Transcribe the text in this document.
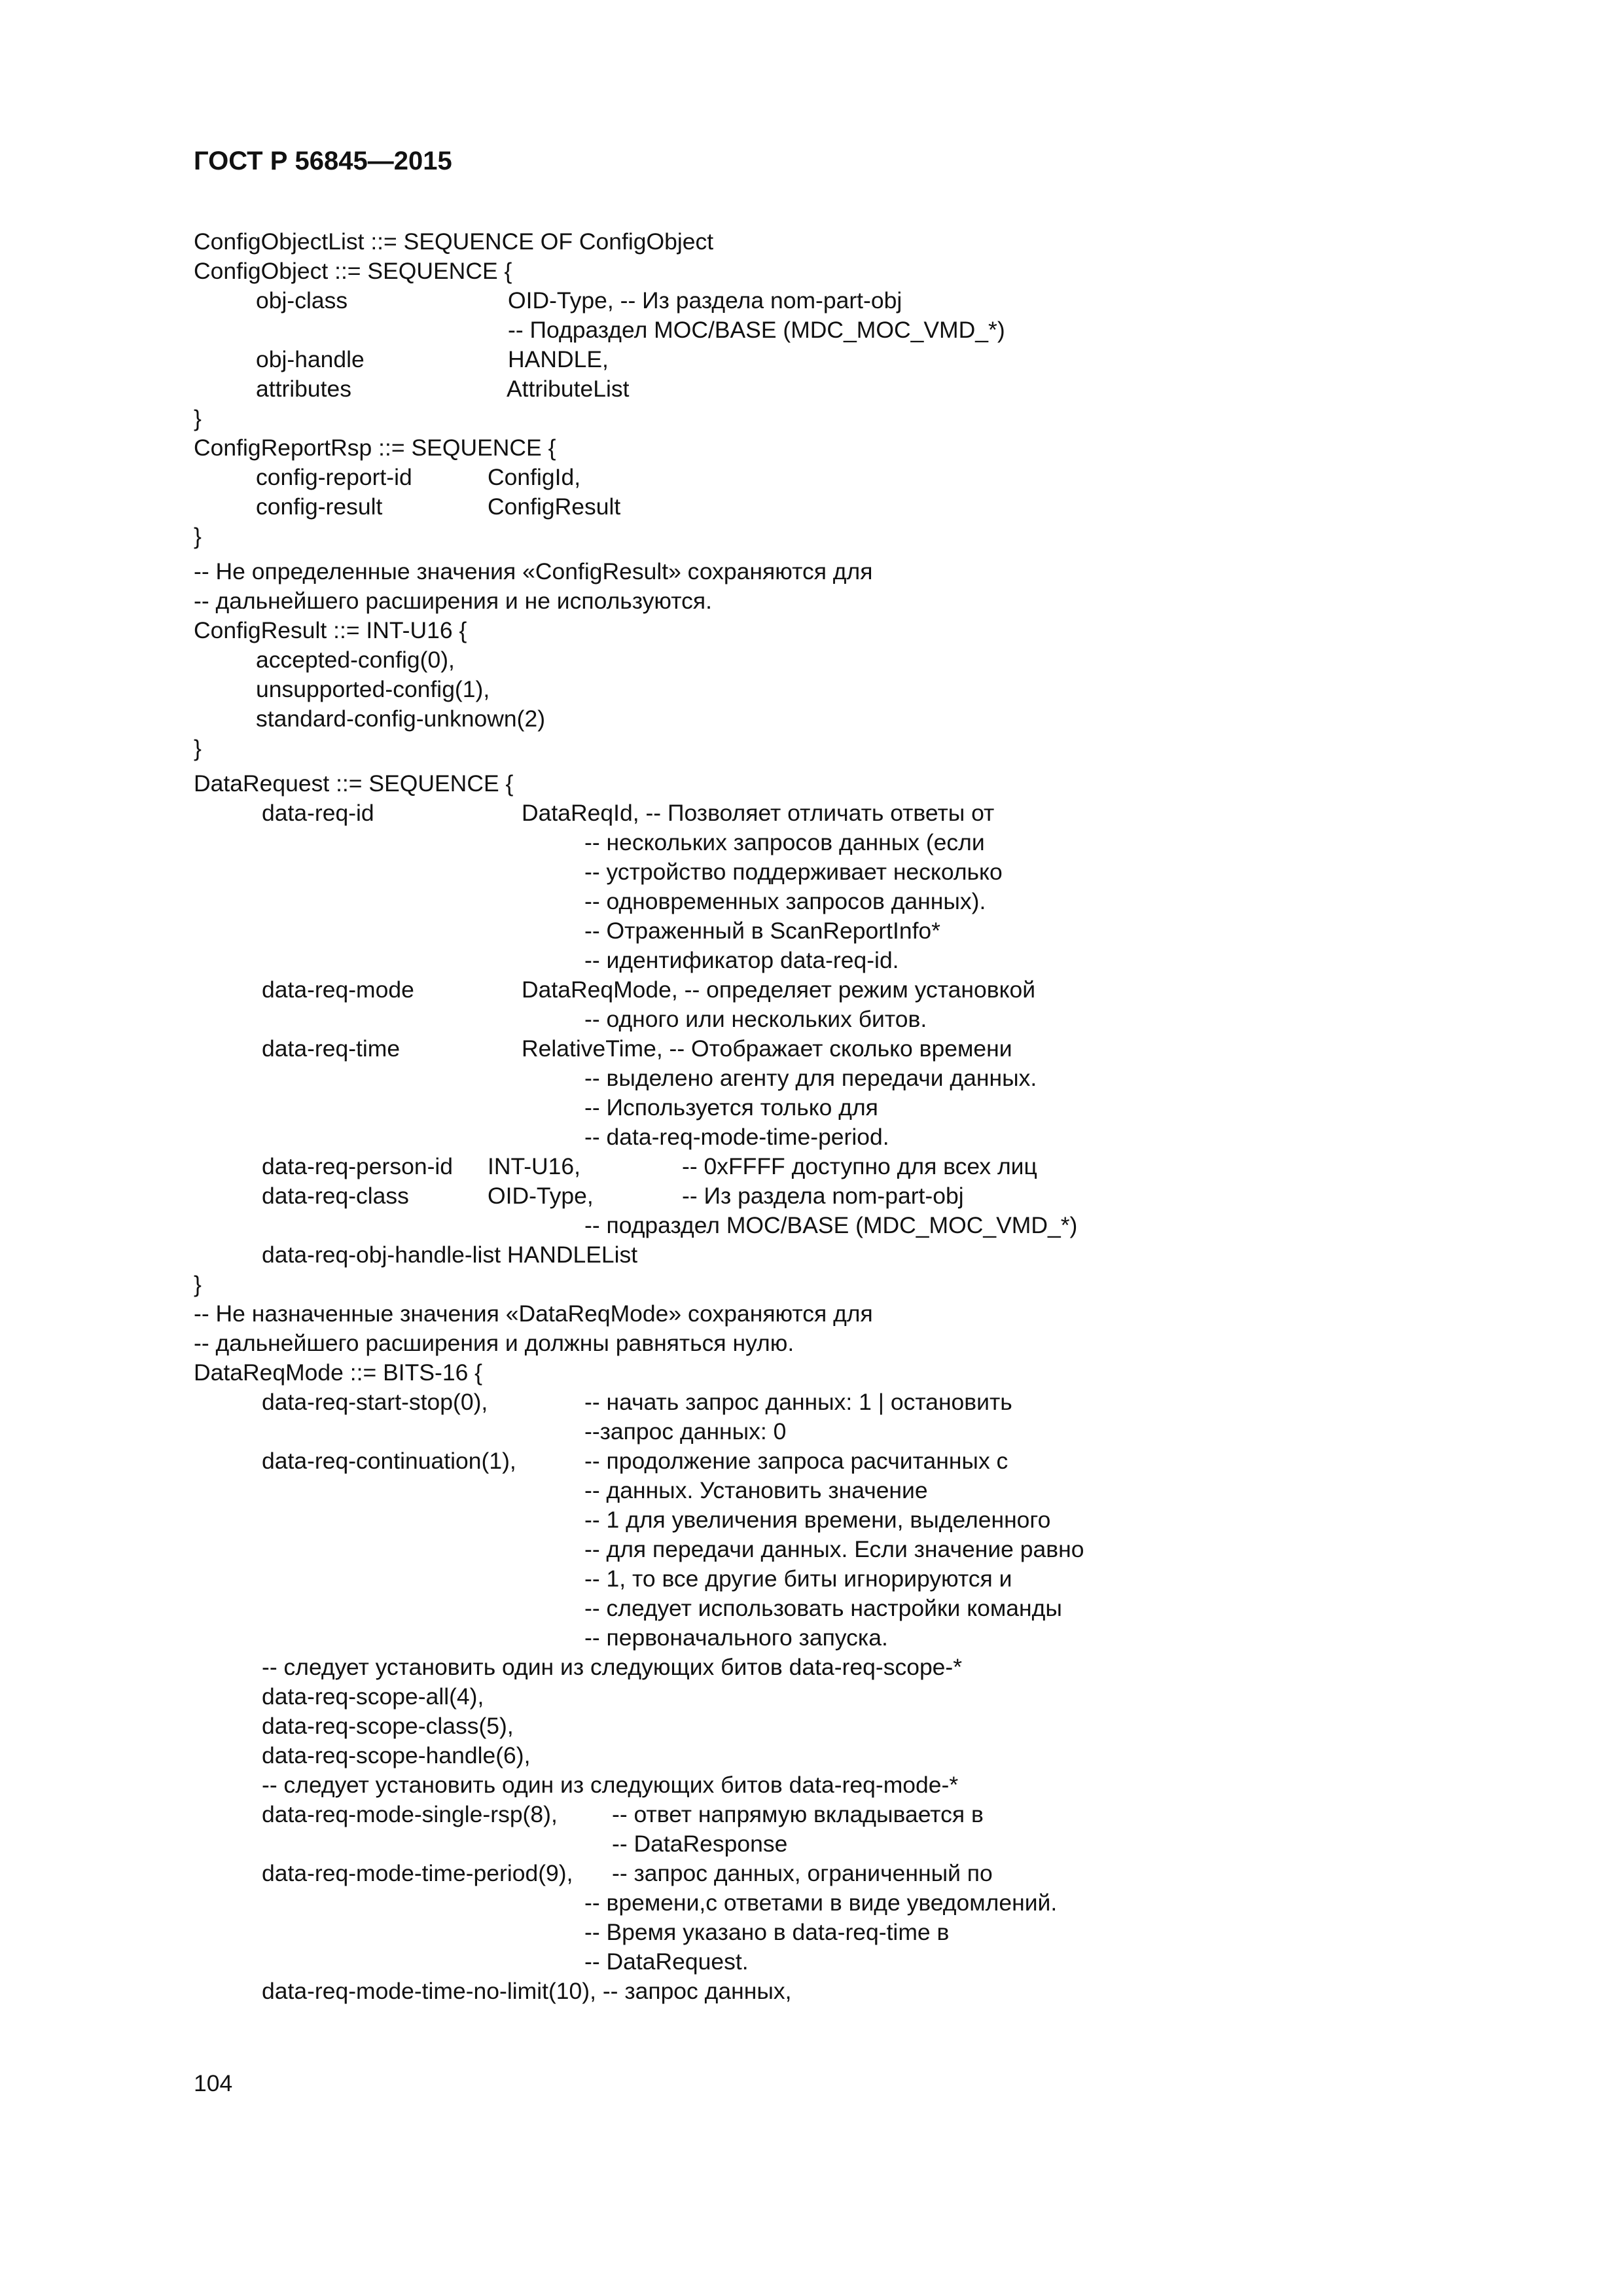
ГОСТ Р 56845—2015
ConfigObjectList ::= SEQUENCE OF ConfigObject
ConfigObject ::= SEQUENCE {
obj-class	OID-Type, -- Из раздела nom-part-obj
-- Подраздел MOC/BASE (MDC_MOC_VMD_*)
obj-handle	HANDLE,
attributes	AttributeList
}
ConfigReportRsp ::= SEQUENCE {
config-report-id	ConfigId,
config-result	ConfigResult
}
-- Не определенные значения «ConfigResult» сохраняются для
-- дальнейшего расширения и не используются.
ConfigResult ::= INT-U16 {
accepted-config(0),
unsupported-config(1),
standard-config-unknown(2)
}
DataRequest ::= SEQUENCE {
data-req-id	DataReqId, -- Позволяет отличать ответы от
-- нескольких запросов данных (если
-- устройство поддерживает несколько
-- одновременных запросов данных).
-- Отраженный в ScanReportInfo*
-- идентификатор data-req-id.
data-req-mode	DataReqMode, -- определяет режим установкой
-- одного или нескольких битов.
data-req-time	RelativeTime, -- Отображает сколько времени
-- выделено агенту для передачи данных.
-- Используется только для
-- data-req-mode-time-period.
data-req-person-id INT-U16,	-- 0xFFFF доступно для всех лиц
data-req-class	OID-Type,	-- Из раздела nom-part-obj
-- подраздел MOC/BASE (MDC_MOC_VMD_*)
data-req-obj-handle-list HANDLEList
}
-- Не назначенные значения «DataReqMode» сохраняются для
-- дальнейшего расширения и должны равняться нулю.
DataReqMode ::= BITS-16 {
data-req-start-stop(0),	-- начать запрос данных: 1 | остановить
--запрос данных: 0
data-req-continuation(1),	-- продолжение запроса расчитанных с
-- данных. Установить значение
-- 1 для увеличения времени, выделенного
-- для передачи данных. Если значение равно
-- 1, то все другие биты игнорируются и
-- следует использовать настройки команды
-- первоначального запуска.
-- следует установить один из следующих битов data-req-scope-*
data-req-scope-all(4),
data-req-scope-class(5),
data-req-scope-handle(6),
-- следует установить один из следующих битов data-req-mode-*
data-req-mode-single-rsp(8), -- ответ напрямую вкладывается в
-- DataResponse
data-req-mode-time-period(9), -- запрос данных, ограниченный по
-- времени,с ответами в виде уведомлений.
-- Время указано в data-req-time в
-- DataRequest.
data-req-mode-time-no-limit(10), -- запрос данных,
104
